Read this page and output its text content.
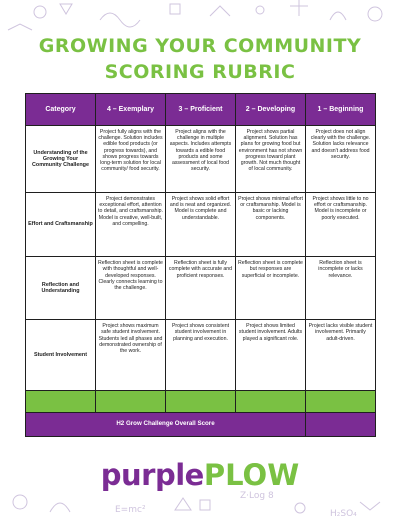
GROWING YOUR COMMUNITY
SCORING RUBRIC
Category	4 – Exemplary	3 – Proficient	2 – Developing	1 – Beginning
Understanding of the Growing Your Community Challenge	Project fully aligns with the challenge. Solution includes edible food products (or progress towards), and shows progress towards long-term solution for local community/ food security.	Project aligns with the challenge in multiple aspects. Includes attempts towards a edible food products and some assessment of local food security.	Project shows partial alignment. Solution has plans for growing food but environment has not shown progress toward plant growth. Not much thought of local community.	Project does not align clearly with the challenge. Solution lacks relevance and doesn't address food security.
Effort and Craftsmanship	Project demonstrates exceptional effort, attention to detail, and craftsmanship. Model is creative, well-built, and compelling.	Project shows solid effort and is neat and organized. Model is complete and understandable.	Project shows minimal effort or craftsmanship. Model is basic or lacking components.	Project shows little to no effort or craftsmanship. Model is incomplete or poorly executed.
Reflection and Understanding	Reflection sheet is complete with thoughtful and well-developed responses. Clearly connects learning to the challenge.	Reflection sheet is fully complete with accurate and proficient responses.	Reflection sheet is complete but responses are superficial or incomplete.	Reflection sheet is incomplete or lacks relevance.
Student Involvement	Project shows maximum safe student involvement. Students led all phases and demonstrated ownership of the work.	Project shows consistent student involvement in planning and execution.	Project shows limited student involvement. Adults played a significant role.	Project lacks visible student involvement. Primarily adult-driven.

H2 Grow Challenge Overall Score				
purplePLOW
E=mc²
Z·Log 8
H₂SO₄
